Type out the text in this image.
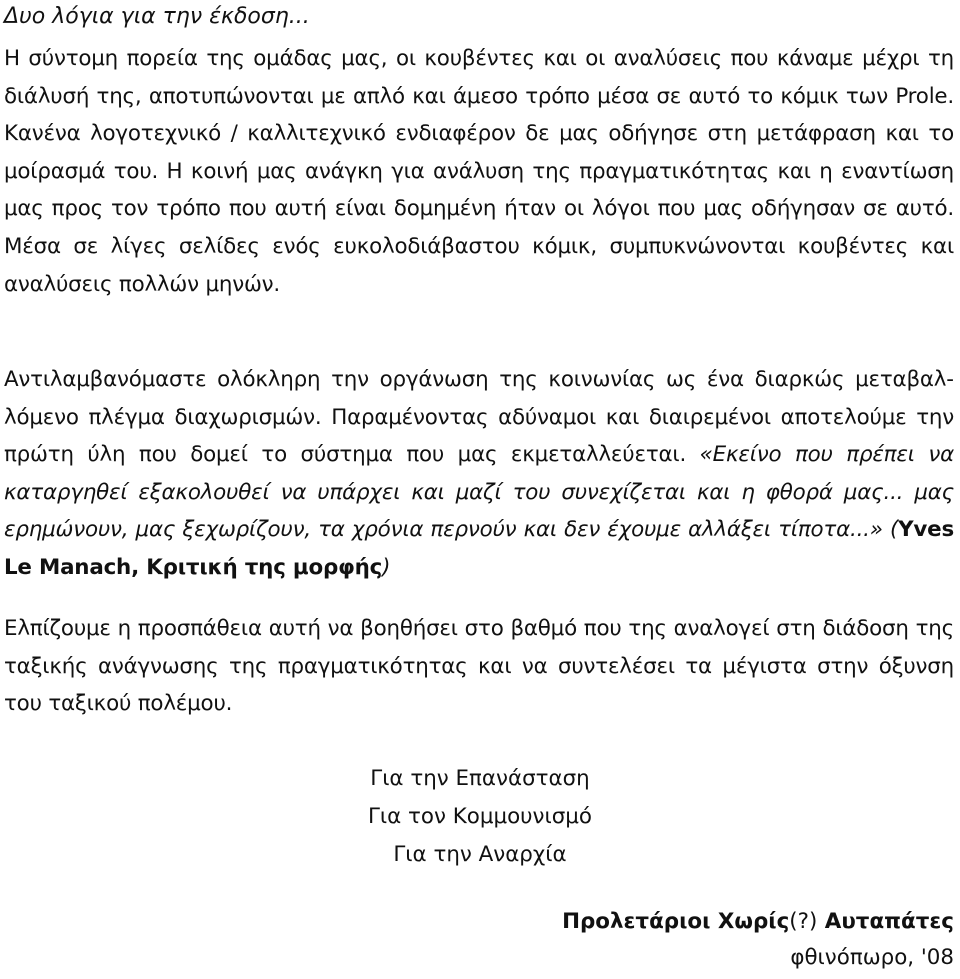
Δυο λόγια για την έκδοση...
Η σύντομη πορεία της ομάδας μας, οι κουβέντες και οι αναλύσεις που κάναμε μέχρι τη διάλυσή της, αποτυπώνονται με απλό και άμεσο τρόπο μέσα σε αυτό το κόμικ των Prole. Κανένα λογοτεχνικό / καλλιτεχνικό ενδιαφέρον δε μας οδήγησε στη μετάφραση και το μοίρασμά του. Η κοινή μας ανάγκη για ανάλυση της πραγματικότητας και η εναντίωση μας προς τον τρόπο που αυτή είναι δομημένη ήταν οι λόγοι που μας οδήγησαν σε αυτό. Μέσα σε λίγες σελίδες ενός ευκολοδιάβαστου κόμικ, συμπυκνώνονται κουβέντες και αναλύσεις πολλών μηνών.
Αντιλαμβανόμαστε ολόκληρη την οργάνωση της κοινωνίας ως ένα διαρκώς μεταβαλλόμενο πλέγμα διαχωρισμών. Παραμένοντας αδύναμοι και διαιρεμένοι αποτελούμε την πρώτη ύλη που δομεί το σύστημα που μας εκμεταλλεύεται. «Εκείνο που πρέπει να καταργηθεί εξακολουθεί να υπάρχει και μαζί του συνεχίζεται και η φθορά μας... μας ερημώνουν, μας ξεχωρίζουν, τα χρόνια περνούν και δεν έχουμε αλλάξει τίποτα...» (Yves Le Manach, Κριτική της μορφής)
Ελπίζουμε η προσπάθεια αυτή να βοηθήσει στο βαθμό που της αναλογεί στη διάδοση της ταξικής ανάγνωσης της πραγματικότητας και να συντελέσει τα μέγιστα στην όξυνση του ταξικού πολέμου.
Για την Επανάσταση
Για τον Κομμουνισμό
Για την Αναρχία
Προλετάριοι Χωρίς(?) Αυταπάτες
φθινόπωρο, '08
